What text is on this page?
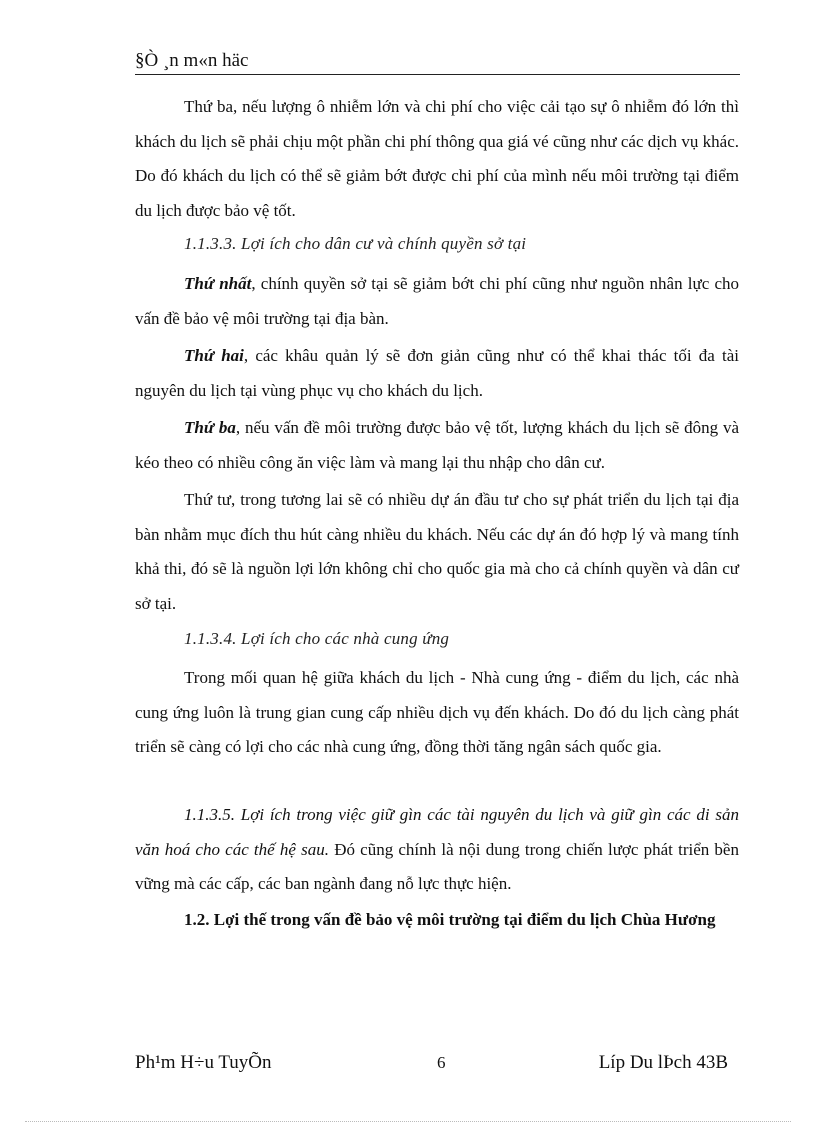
§Ò ¸n m«n häc

Thứ ba, nếu lượng ô nhiễm lớn và chi phí cho việc cải tạo sự ô nhiễm đó lớn thì khách du lịch sẽ phải chịu một phần chi phí thông qua giá vé cũng như các dịch vụ khác. Do đó khách du lịch có thể sẽ giảm bớt được chi phí của mình nếu môi trường tại điểm du lịch được bảo vệ tốt.

1.1.3.3. Lợi ích cho dân cư và chính quyền sở tại

Thứ nhất, chính quyền sở tại sẽ giảm bớt chi phí cũng như nguồn nhân lực cho vấn đề bảo vệ môi trường tại địa bàn.

Thứ hai, các khâu quản lý sẽ đơn giản cũng như có thể khai thác tối đa tài nguyên du lịch tại vùng phục vụ cho khách du lịch.

Thứ ba, nếu vấn đề môi trường được bảo vệ tốt, lượng khách du lịch sẽ đông và kéo theo có nhiều công ăn việc làm và mang lại thu nhập cho dân cư.

Thứ tư, trong tương lai sẽ có nhiều dự án đầu tư cho sự phát triển du lịch tại địa bàn nhằm mục đích thu hút càng nhiều du khách. Nếu các dự án đó hợp lý và mang tính khả thi, đó sẽ là nguồn lợi lớn không chỉ cho quốc gia mà cho cả chính quyền và dân cư sở tại.

1.1.3.4. Lợi ích cho các nhà cung ứng

Trong mối quan hệ giữa khách du lịch - Nhà cung ứng - điểm du lịch, các nhà cung ứng luôn là trung gian cung cấp nhiều dịch vụ đến khách. Do đó du lịch càng phát triển sẽ càng có lợi cho các nhà cung ứng, đồng thời tăng ngân sách quốc gia.

1.1.3.5. Lợi ích trong việc giữ gìn các tài nguyên du lịch và giữ gìn các di sản văn hoá cho các thế hệ sau. Đó cũng chính là nội dung trong chiến lược phát triển bền vững mà các cấp, các ban ngành đang nỗ lực thực hiện.

1.2. Lợi thế trong vấn đề bảo vệ môi trường tại điểm du lịch Chùa Hương

Ph¹m H÷u TuyÕn	6	Líp Du lÞch 43B
